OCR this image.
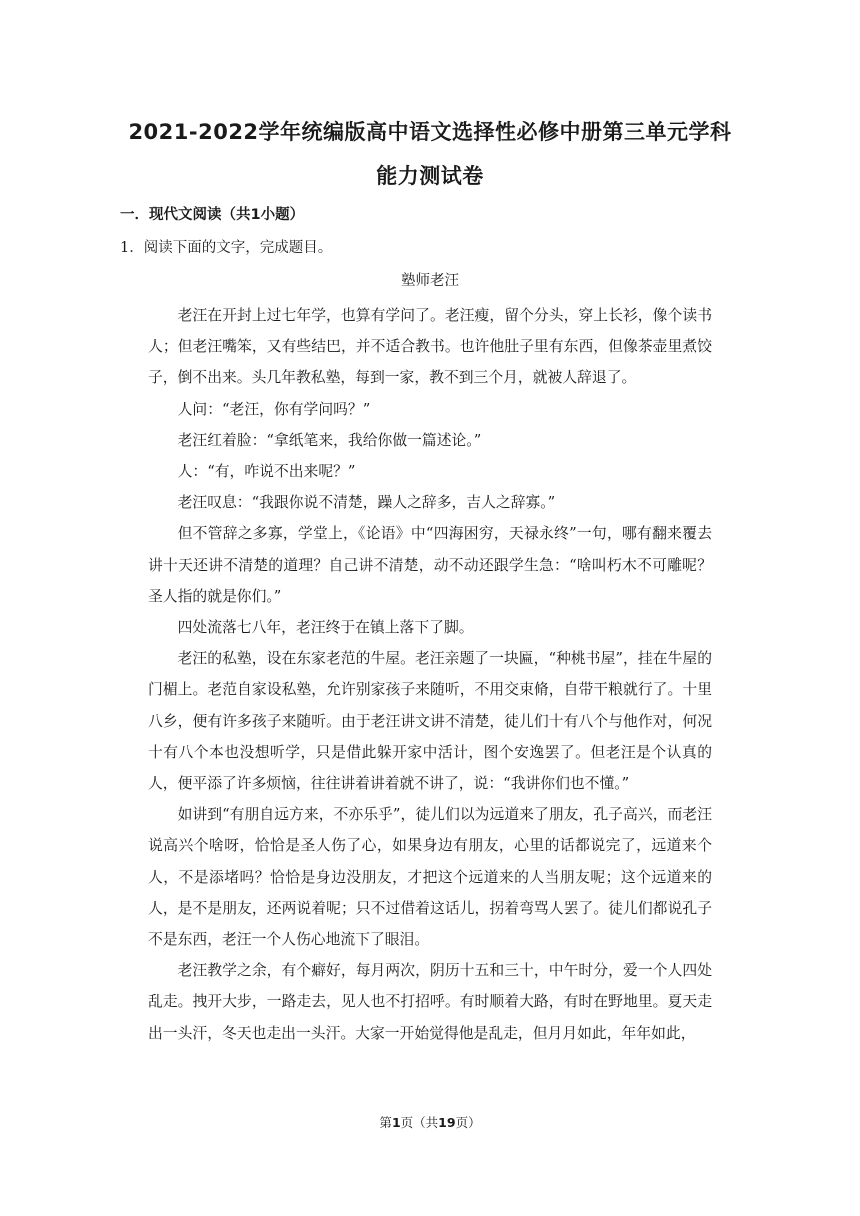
2021-2022学年统编版高中语文选择性必修中册第三单元学科
能力测试卷
一．现代文阅读（共1小题）
1．阅读下面的文字，完成题目。
塾师老汪

老汪在开封上过七年学，也算有学问了。老汪瘦，留个分头，穿上长衫，像个读书人；但老汪嘴笨，又有些结巴，并不适合教书。也许他肚子里有东西，但像茶壶里煮饺子，倒不出来。头几年教私塾，每到一家，教不到三个月，就被人辞退了。

人问：“老汪，你有学问吗？”

老汪红着脸：“拿纸笔来，我给你做一篇述论。”

人：“有，咋说不出来呢？”

老汪叹息：“我跟你说不清楚，躁人之辞多，吉人之辞寡。”

但不管辞之多寡，学堂上，《论语》中“四海困穷，天禄永终”一句，哪有翻来覆去讲十天还讲不清楚的道理？自己讲不清楚，动不动还跟学生急：“啥叫朽木不可雕呢？圣人指的就是你们。”

四处流落七八年，老汪终于在镇上落下了脚。

老汪的私塾，设在东家老范的牛屋。老汪亲题了一块匾，“种桃书屋”，挂在牛屋的门楣上。老范自家设私塾，允许别家孩子来随听，不用交束脩，自带干粮就行了。十里八乡，便有许多孩子来随听。由于老汪讲文讲不清楚，徒儿们十有八个与他作对，何况十有八个本也没想听学，只是借此躲开家中活计，图个安逸罢了。但老汪是个认真的人，便平添了许多烦恼，往往讲着讲着就不讲了，说：“我讲你们也不懂。”

如讲到“有朋自远方来，不亦乐乎”，徒儿们以为远道来了朋友，孔子高兴，而老汪说高兴个啥呀，恰恰是圣人伤了心，如果身边有朋友，心里的话都说完了，远道来个人，不是添堵吗？恰恰是身边没朋友，才把这个远道来的人当朋友呢；这个远道来的人，是不是朋友，还两说着呢；只不过借着这话儿，拐着弯骂人罢了。徒儿们都说孔子不是东西，老汪一个人伤心地流下了眼泪。

老汪教学之余，有个癖好，每月两次，阴历十五和三十，中午时分，爱一个人四处乱走。拽开大步，一路走去，见人也不打招呼。有时顺着大路，有时在野地里。夏天走出一头汗，冬天也走出一头汗。大家一开始觉得他是乱走，但月月如此，年年如此，

第1页（共19页）
